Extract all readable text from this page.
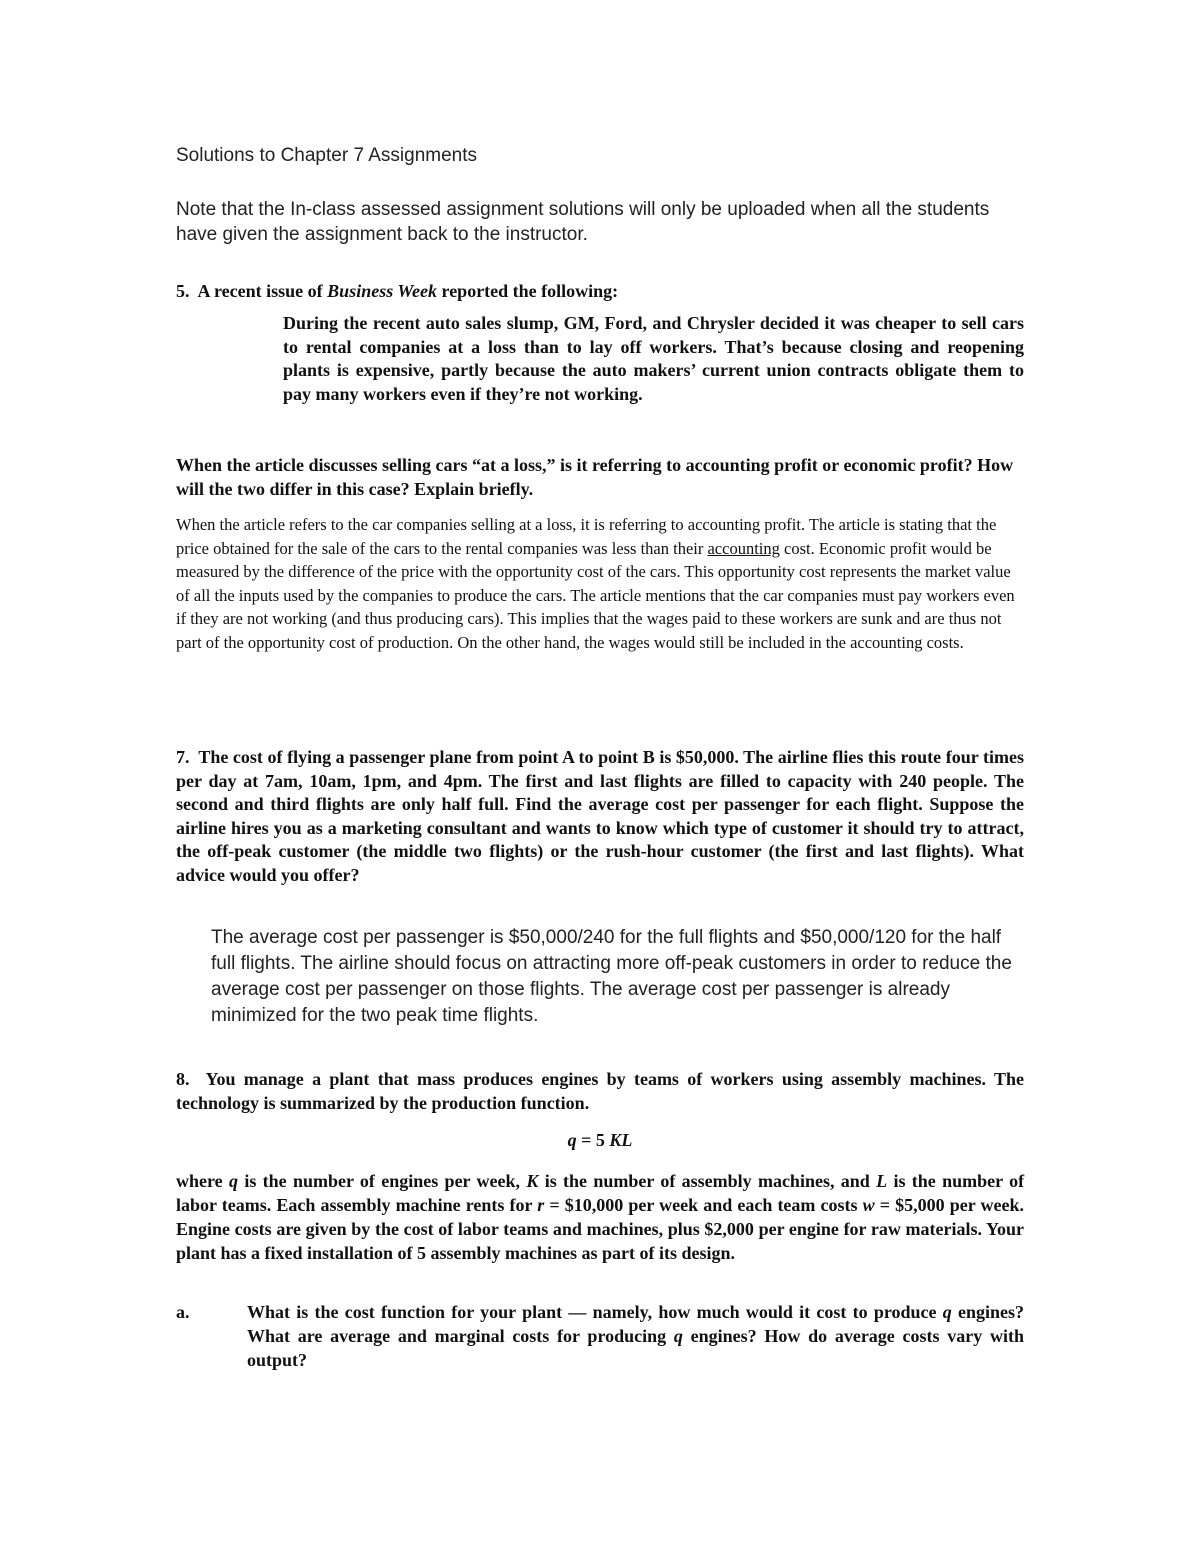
Solutions to Chapter 7 Assignments

Note that the In-class assessed assignment solutions will only be uploaded when all the students have given the assignment back to the instructor.

5. A recent issue of Business Week reported the following:

During the recent auto sales slump, GM, Ford, and Chrysler decided it was cheaper to sell cars to rental companies at a loss than to lay off workers. That’s because closing and reopening plants is expensive, partly because the auto makers’ current union contracts obligate them to pay many workers even if they’re not working.

When the article discusses selling cars “at a loss,” is it referring to accounting profit or economic profit? How will the two differ in this case? Explain briefly.

When the article refers to the car companies selling at a loss, it is referring to accounting profit. The article is stating that the price obtained for the sale of the cars to the rental companies was less than their accounting cost. Economic profit would be measured by the difference of the price with the opportunity cost of the cars. This opportunity cost represents the market value of all the inputs used by the companies to produce the cars. The article mentions that the car companies must pay workers even if they are not working (and thus producing cars). This implies that the wages paid to these workers are sunk and are thus not part of the opportunity cost of production. On the other hand, the wages would still be included in the accounting costs.

7. The cost of flying a passenger plane from point A to point B is $50,000. The airline flies this route four times per day at 7am, 10am, 1pm, and 4pm. The first and last flights are filled to capacity with 240 people. The second and third flights are only half full. Find the average cost per passenger for each flight. Suppose the airline hires you as a marketing consultant and wants to know which type of customer it should try to attract, the off-peak customer (the middle two flights) or the rush-hour customer (the first and last flights). What advice would you offer?

The average cost per passenger is $50,000/240 for the full flights and $50,000/120 for the half full flights. The airline should focus on attracting more off-peak customers in order to reduce the average cost per passenger on those flights. The average cost per passenger is already minimized for the two peak time flights.

8. You manage a plant that mass produces engines by teams of workers using assembly machines. The technology is summarized by the production function.

q = 5 KL

where q is the number of engines per week, K is the number of assembly machines, and L is the number of labor teams. Each assembly machine rents for r = $10,000 per week and each team costs w = $5,000 per week. Engine costs are given by the cost of labor teams and machines, plus $2,000 per engine for raw materials. Your plant has a fixed installation of 5 assembly machines as part of its design.

a.	What is the cost function for your plant — namely, how much would it cost to produce q engines? What are average and marginal costs for producing q engines? How do average costs vary with output?
